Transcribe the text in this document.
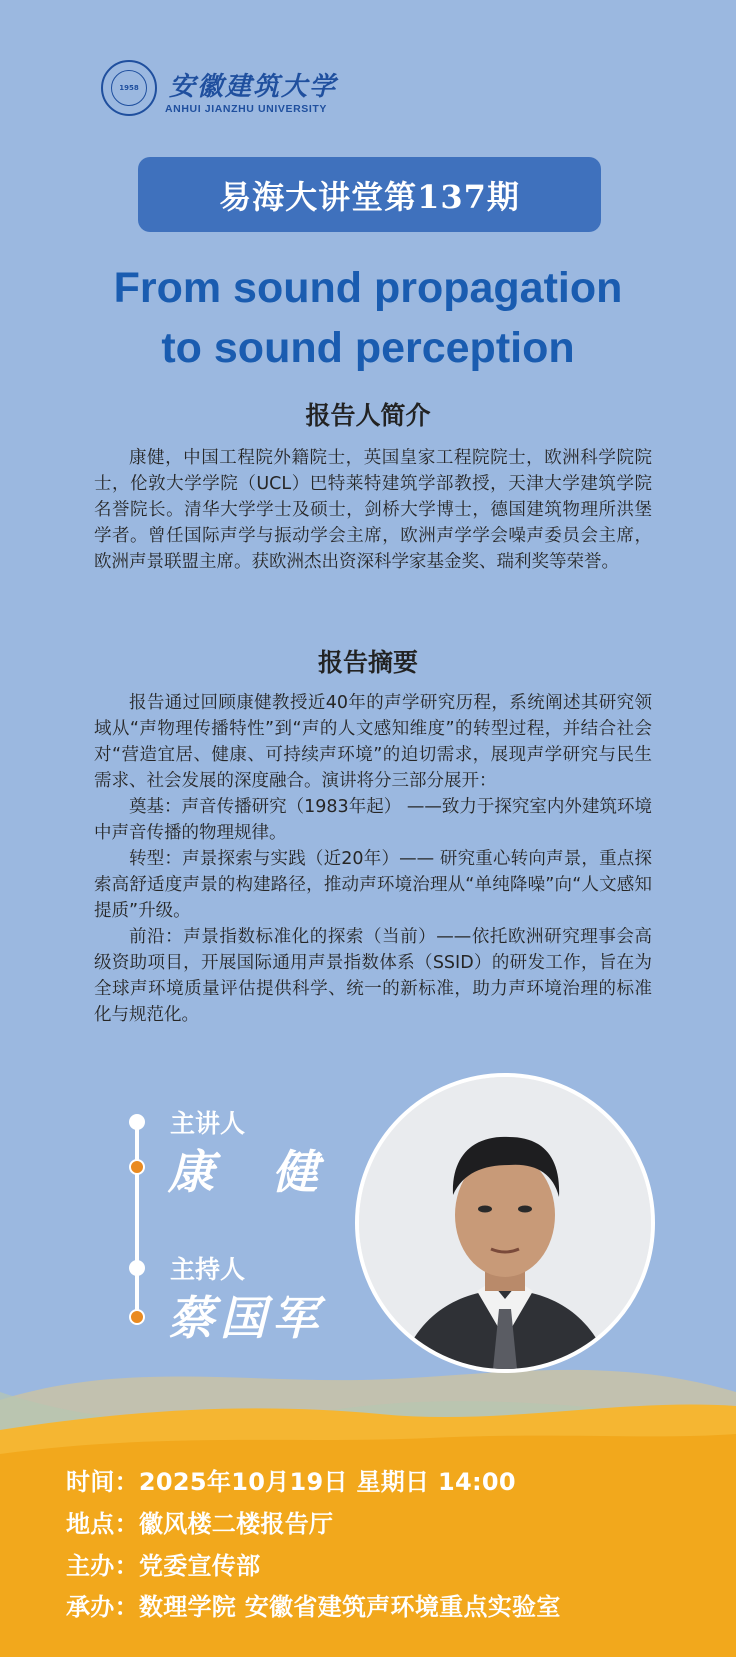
1958 安徽建筑大学
ANHUI JIANZHU UNIVERSITY
易海大讲堂第137期
From sound propagation
to sound perception
报告人简介

康健，中国工程院外籍院士，英国皇家工程院院士，欧洲科学院院士，伦敦大学学院（UCL）巴特莱特建筑学部教授，天津大学建筑学院名誉院长。清华大学学士及硕士，剑桥大学博士，德国建筑物理所洪堡学者。曾任国际声学与振动学会主席，欧洲声学学会噪声委员会主席，欧洲声景联盟主席。获欧洲杰出资深科学家基金奖、瑞利奖等荣誉。

报告摘要

报告通过回顾康健教授近40年的声学研究历程，系统阐述其研究领域从“声物理传播特性”到“声的人文感知维度”的转型过程，并结合社会对“营造宜居、健康、可持续声环境”的迫切需求，展现声学研究与民生需求、社会发展的深度融合。演讲将分三部分展开：

奠基：声音传播研究（1983年起） ——致力于探究室内外建筑环境中声音传播的物理规律。

转型：声景探索与实践（近20年）—— 研究重心转向声景，重点探索高舒适度声景的构建路径，推动声环境治理从“单纯降噪”向“人文感知提质”升级。

前沿：声景指数标准化的探索（当前）——依托欧洲研究理事会高级资助项目，开展国际通用声景指数体系（SSID）的研发工作，旨在为全球声环境质量评估提供科学、统一的新标准，助力声环境治理的标准化与规范化。

主讲人
康　健
主持人
蔡国军
时间：2025年10月19日 星期日 14:00
地点：徽风楼二楼报告厅
主办：党委宣传部
承办：数理学院 安徽省建筑声环境重点实验室
